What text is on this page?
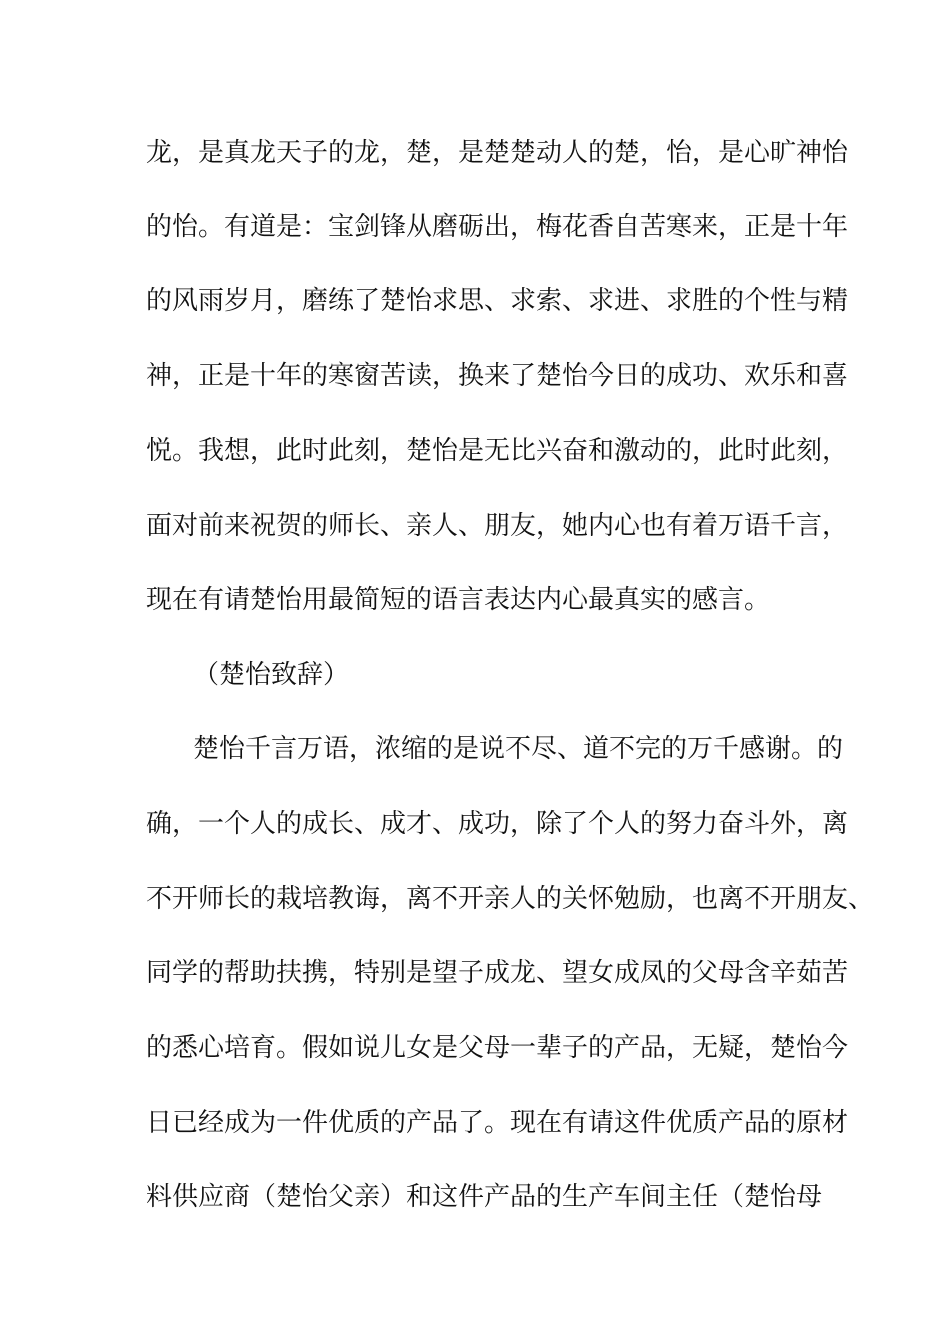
龙，是真龙天子的龙，楚，是楚楚动人的楚，怡，是心旷神怡
的怡。有道是：宝剑锋从磨砺出，梅花香自苦寒来，正是十年
的风雨岁月，磨练了楚怡求思、求索、求进、求胜的个性与精
神，正是十年的寒窗苦读，换来了楚怡今日的成功、欢乐和喜
悦。我想，此时此刻，楚怡是无比兴奋和激动的，此时此刻，
面对前来祝贺的师长、亲人、朋友，她内心也有着万语千言，
现在有请楚怡用最简短的语言表达内心最真实的感言。
（楚怡致辞）
楚怡千言万语，浓缩的是说不尽、道不完的万千感谢。的
确，一个人的成长、成才、成功，除了个人的努力奋斗外，离
不开师长的栽培教诲，离不开亲人的关怀勉励，也离不开朋友、
同学的帮助扶携，特别是望子成龙、望女成凤的父母含辛茹苦
的悉心培育。假如说儿女是父母一辈子的产品，无疑，楚怡今
日已经成为一件优质的产品了。现在有请这件优质产品的原材
料供应商（楚怡父亲）和这件产品的生产车间主任（楚怡母
